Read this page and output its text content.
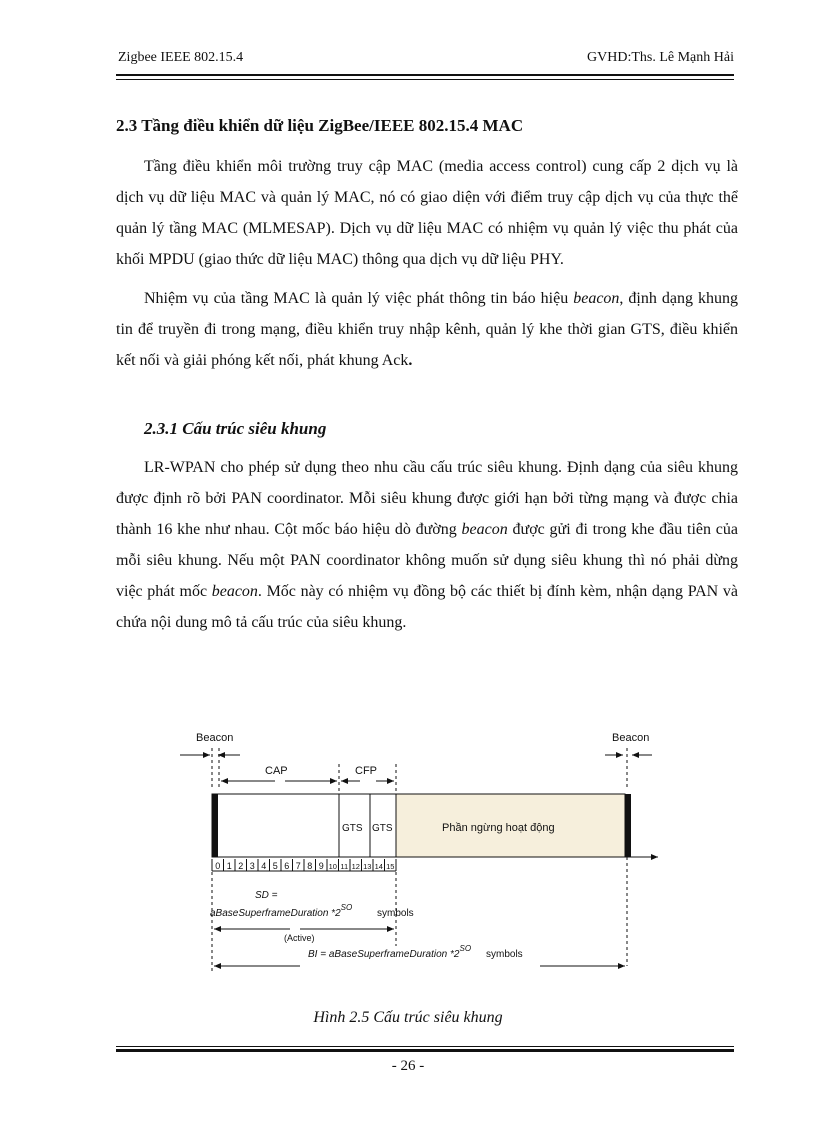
Zigbee IEEE 802.15.4	GVHD:Ths. Lê Mạnh Hải
2.3 Tầng điều khiển dữ liệu ZigBee/IEEE 802.15.4 MAC

Tầng điều khiển môi trường truy cập MAC (media access control) cung cấp 2 dịch vụ là dịch vụ dữ liệu MAC và quản lý MAC, nó có giao diện với điểm truy cập dịch vụ của thực thể quản lý tầng MAC (MLMESAP). Dịch vụ dữ liệu MAC có nhiệm vụ quản lý việc thu phát của khối MPDU (giao thức dữ liệu MAC) thông qua dịch vụ dữ liệu PHY.

Nhiệm vụ của tầng MAC là quản lý việc phát thông tin báo hiệu beacon, định dạng khung tin để truyền đi trong mạng, điều khiển truy nhập kênh, quản lý khe thời gian GTS, điều khiển kết nối và giải phóng kết nối, phát khung Ack.

2.3.1 Cấu trúc siêu khung

LR-WPAN cho phép sử dụng theo nhu cầu cấu trúc siêu khung. Định dạng của siêu khung được định rõ bởi PAN coordinator. Mỗi siêu khung được giới hạn bởi từng mạng và được chia thành 16 khe như nhau. Cột mốc báo hiệu dò đường beacon được gửi đi trong khe đầu tiên của mỗi siêu khung. Nếu một PAN coordinator không muốn sử dụng siêu khung thì nó phải dừng việc phát mốc beacon. Mốc này có nhiệm vụ đồng bộ các thiết bị đính kèm, nhận dạng PAN và chứa nội dung mô tả cấu trúc của siêu khung.

Beacon	Beacon
CAP	CFP
GTS GTS	Phần ngừng hoạt động
0 1 2 3 4 5 6 7 8 9 10 11 12 13 14 15
SD =
aBaseSuperframeDuration $*2^{SO}$
symbols
(Active)
BI = aBaseSuperframeDuration $*2^{SO}$
symbols
Hình 2.5 Cấu trúc siêu khung
- 26 -
